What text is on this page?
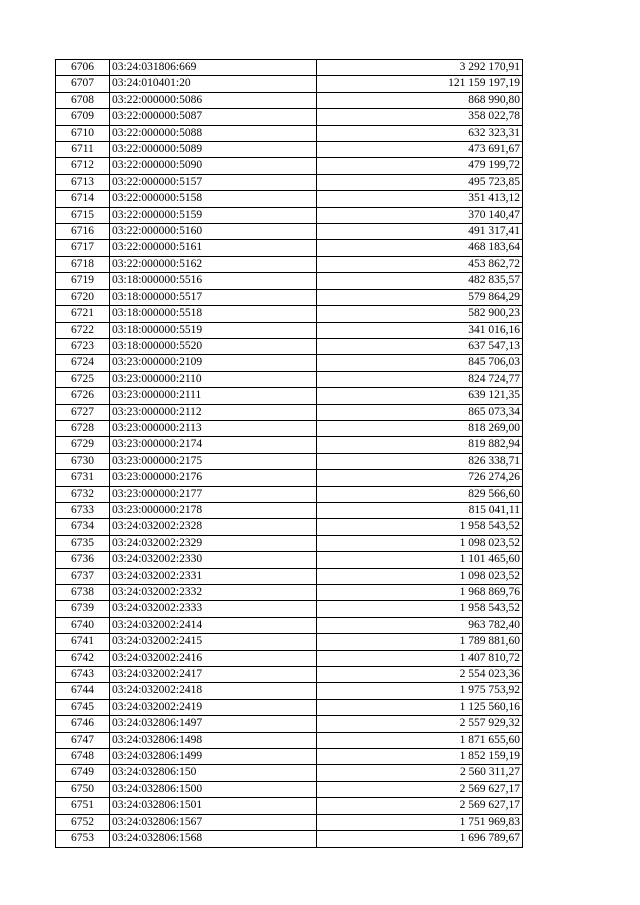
6706	03:24:031806:669	3 292 170,91
6707	03:24:010401:20	121 159 197,19
6708	03:22:000000:5086	868 990,80
6709	03:22:000000:5087	358 022,78
6710	03:22:000000:5088	632 323,31
6711	03:22:000000:5089	473 691,67
6712	03:22:000000:5090	479 199,72
6713	03:22:000000:5157	495 723,85
6714	03:22:000000:5158	351 413,12
6715	03:22:000000:5159	370 140,47
6716	03:22:000000:5160	491 317,41
6717	03:22:000000:5161	468 183,64
6718	03:22:000000:5162	453 862,72
6719	03:18:000000:5516	482 835,57
6720	03:18:000000:5517	579 864,29
6721	03:18:000000:5518	582 900,23
6722	03:18:000000:5519	341 016,16
6723	03:18:000000:5520	637 547,13
6724	03:23:000000:2109	845 706,03
6725	03:23:000000:2110	824 724,77
6726	03:23:000000:2111	639 121,35
6727	03:23:000000:2112	865 073,34
6728	03:23:000000:2113	818 269,00
6729	03:23:000000:2174	819 882,94
6730	03:23:000000:2175	826 338,71
6731	03:23:000000:2176	726 274,26
6732	03:23:000000:2177	829 566,60
6733	03:23:000000:2178	815 041,11
6734	03:24:032002:2328	1 958 543,52
6735	03:24:032002:2329	1 098 023,52
6736	03:24:032002:2330	1 101 465,60
6737	03:24:032002:2331	1 098 023,52
6738	03:24:032002:2332	1 968 869,76
6739	03:24:032002:2333	1 958 543,52
6740	03:24:032002:2414	963 782,40
6741	03:24:032002:2415	1 789 881,60
6742	03:24:032002:2416	1 407 810,72
6743	03:24:032002:2417	2 554 023,36
6744	03:24:032002:2418	1 975 753,92
6745	03:24:032002:2419	1 125 560,16
6746	03:24:032806:1497	2 557 929,32
6747	03:24:032806:1498	1 871 655,60
6748	03:24:032806:1499	1 852 159,19
6749	03:24:032806:150	2 560 311,27
6750	03:24:032806:1500	2 569 627,17
6751	03:24:032806:1501	2 569 627,17
6752	03:24:032806:1567	1 751 969,83
6753	03:24:032806:1568	1 696 789,67
